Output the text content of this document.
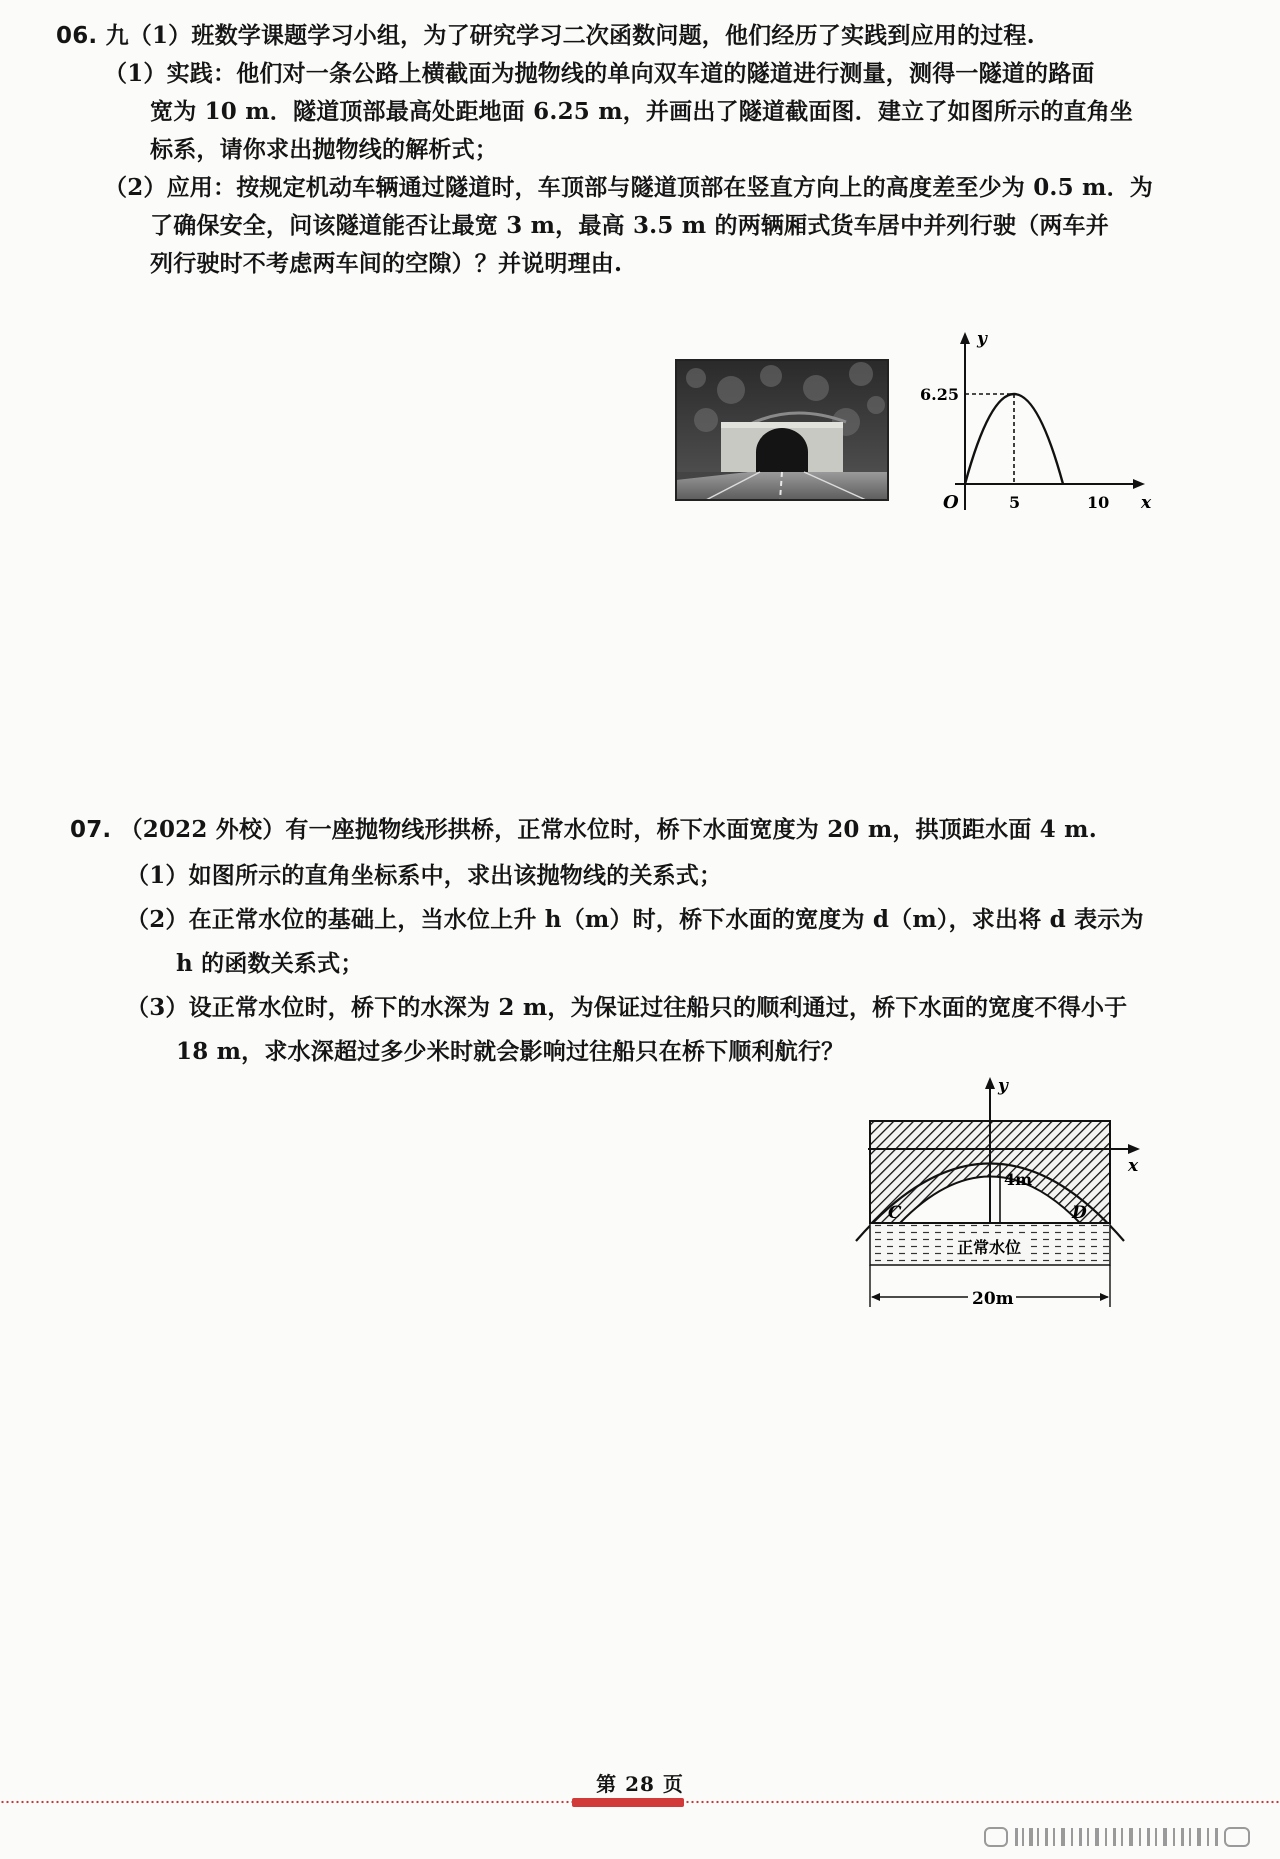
06. 九（1）班数学课题学习小组，为了研究学习二次函数问题，他们经历了实践到应用的过程.
（1）实践：他们对一条公路上横截面为抛物线的单向双车道的隧道进行测量，测得一隧道的路面
宽为 10 m．隧道顶部最高处距地面 6.25 m，并画出了隧道截面图．建立了如图所示的直角坐
标系，请你求出抛物线的解析式；
（2）应用：按规定机动车辆通过隧道时，车顶部与隧道顶部在竖直方向上的高度差至少为 0.5 m．为
了确保安全，问该隧道能否让最宽 3 m，最高 3.5 m 的两辆厢式货车居中并列行驶（两车并
列行驶时不考虑两车间的空隙）？并说明理由.
y
x
O
6.25
5	10
07. （2022 外校）有一座抛物线形拱桥，正常水位时，桥下水面宽度为 20 m，拱顶距水面 4 m.
（1）如图所示的直角坐标系中，求出该抛物线的关系式；
（2）在正常水位的基础上，当水位上升 h（m）时，桥下水面的宽度为 d（m），求出将 d 表示为
h 的函数关系式；
（3）设正常水位时，桥下的水深为 2 m，为保证过往船只的顺利通过，桥下水面的宽度不得小于
18 m，求水深超过多少米时就会影响过往船只在桥下顺利航行？
正常水位
20m
4m
C	D
y
x
第 28 页
